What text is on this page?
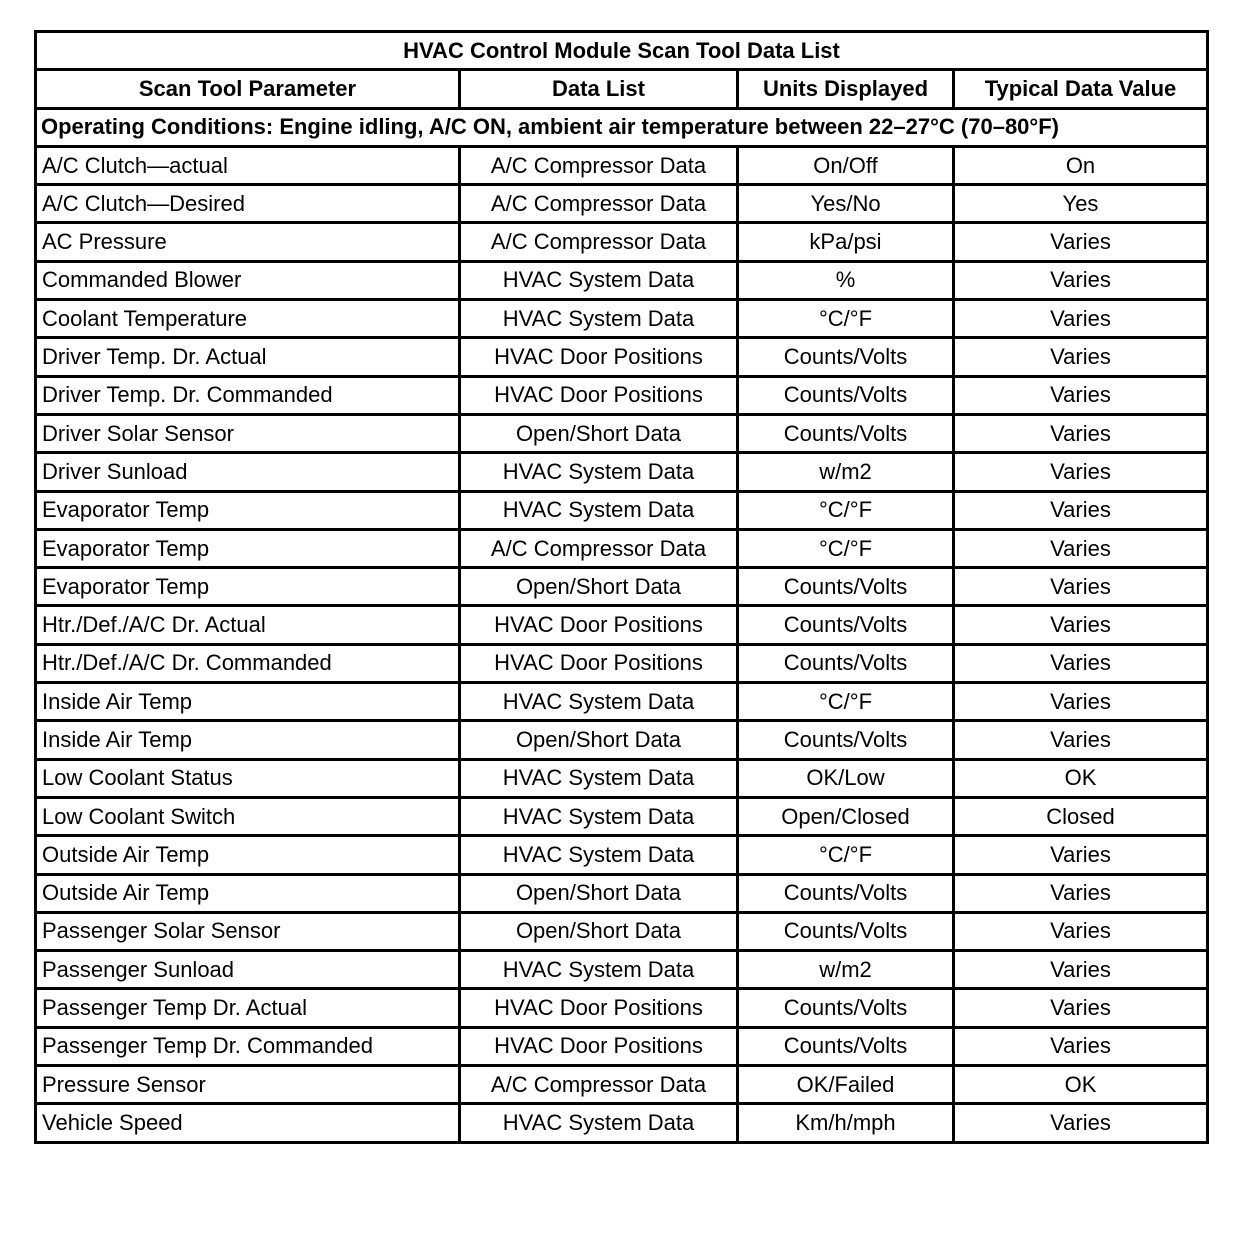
HVAC Control Module Scan Tool Data List			
Scan Tool Parameter	Data List	Units Displayed	Typical Data Value
Operating Conditions: Engine idling, A/C ON, ambient air temperature between 22–27°C (70–80°F)			
A/C Clutch—actual	A/C Compressor Data	On/Off	On
A/C Clutch—Desired	A/C Compressor Data	Yes/No	Yes
AC Pressure	A/C Compressor Data	kPa/psi	Varies
Commanded Blower	HVAC System Data	%	Varies
Coolant Temperature	HVAC System Data	°C/°F	Varies
Driver Temp. Dr. Actual	HVAC Door Positions	Counts/Volts	Varies
Driver Temp. Dr. Commanded	HVAC Door Positions	Counts/Volts	Varies
Driver Solar Sensor	Open/Short Data	Counts/Volts	Varies
Driver Sunload	HVAC System Data	w/m2	Varies
Evaporator Temp	HVAC System Data	°C/°F	Varies
Evaporator Temp	A/C Compressor Data	°C/°F	Varies
Evaporator Temp	Open/Short Data	Counts/Volts	Varies
Htr./Def./A/C Dr. Actual	HVAC Door Positions	Counts/Volts	Varies
Htr./Def./A/C Dr. Commanded	HVAC Door Positions	Counts/Volts	Varies
Inside Air Temp	HVAC System Data	°C/°F	Varies
Inside Air Temp	Open/Short Data	Counts/Volts	Varies
Low Coolant Status	HVAC System Data	OK/Low	OK
Low Coolant Switch	HVAC System Data	Open/Closed	Closed
Outside Air Temp	HVAC System Data	°C/°F	Varies
Outside Air Temp	Open/Short Data	Counts/Volts	Varies
Passenger Solar Sensor	Open/Short Data	Counts/Volts	Varies
Passenger Sunload	HVAC System Data	w/m2	Varies
Passenger Temp Dr. Actual	HVAC Door Positions	Counts/Volts	Varies
Passenger Temp Dr. Commanded	HVAC Door Positions	Counts/Volts	Varies
Pressure Sensor	A/C Compressor Data	OK/Failed	OK
Vehicle Speed	HVAC System Data	Km/h/mph	Varies
